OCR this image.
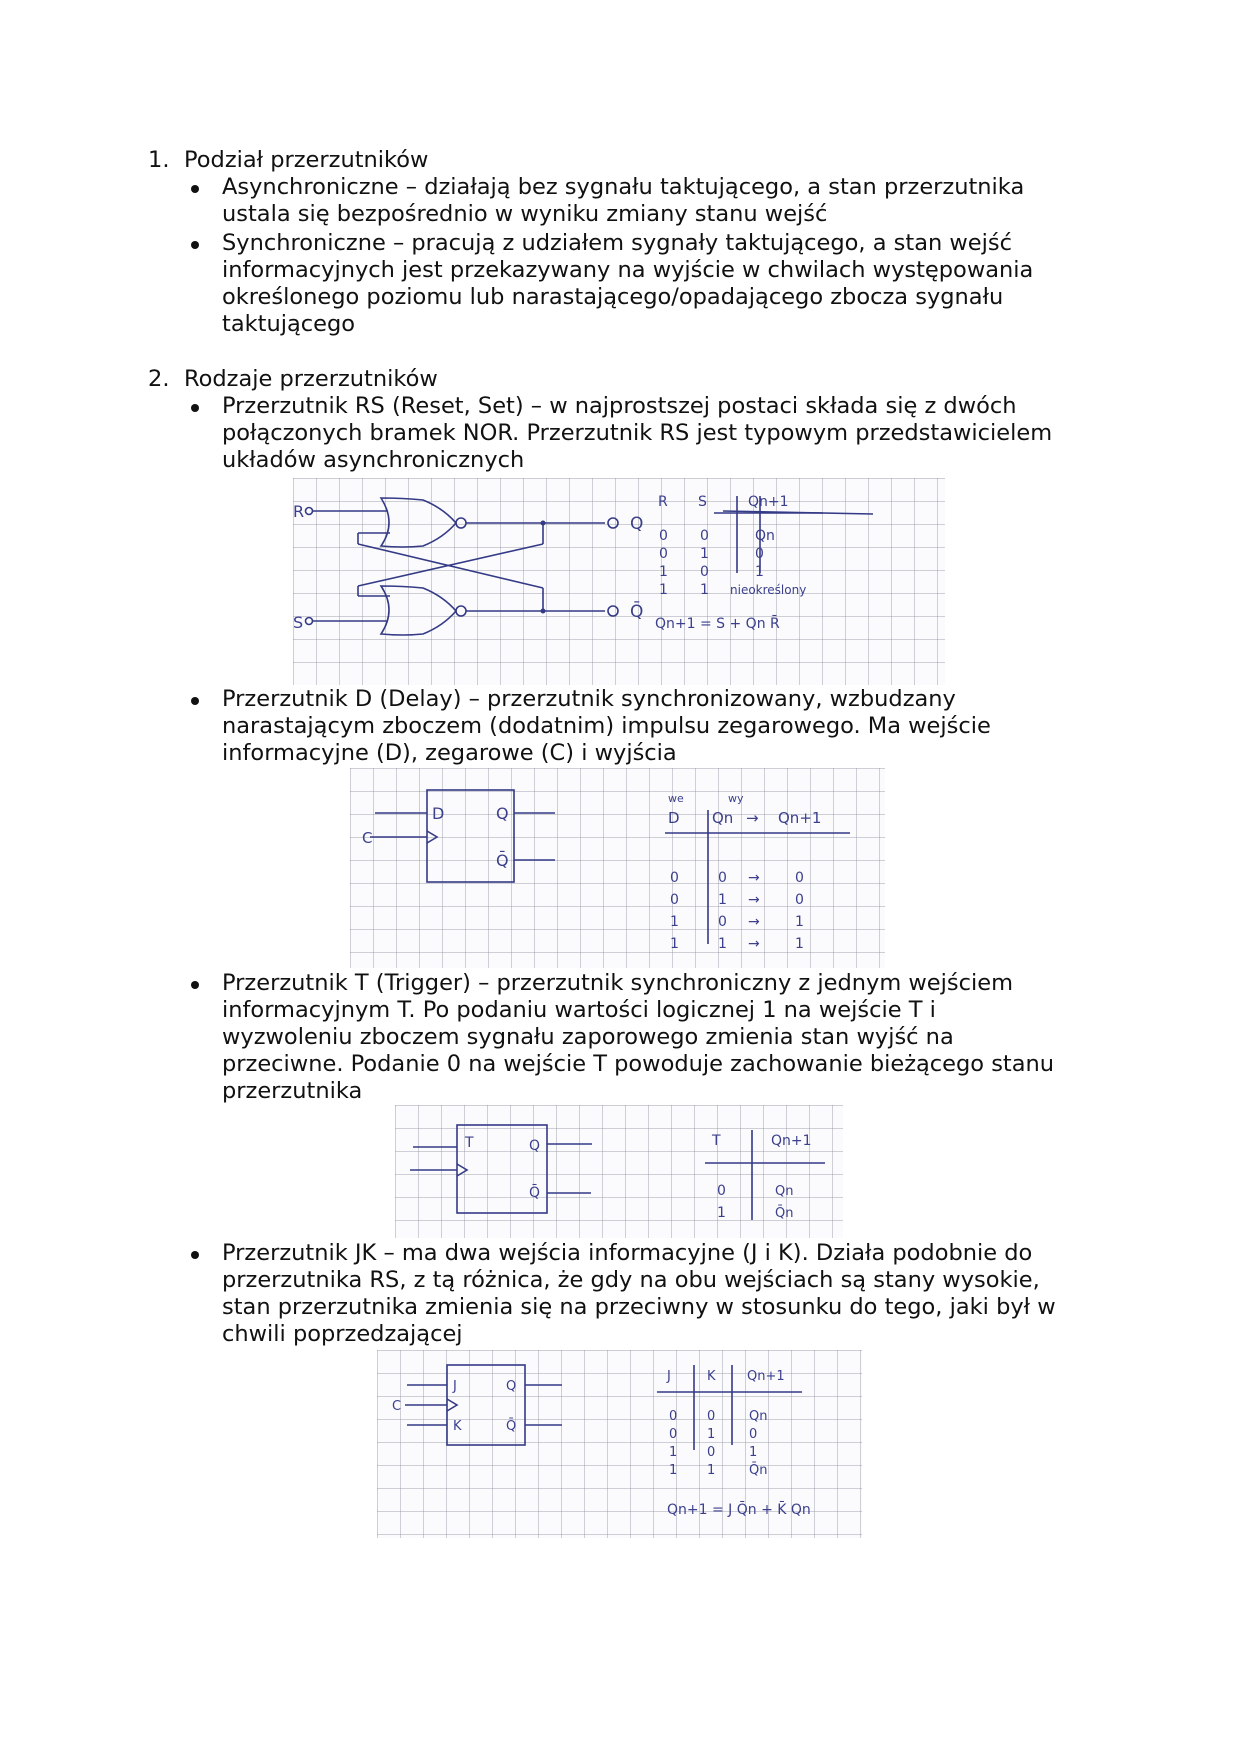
1. Podział przerzutników
Asynchroniczne – działają bez sygnału taktującego, a stan przerzutnika
ustala się bezpośrednio w wyniku zmiany stanu wejść
Synchroniczne – pracują z udziałem sygnały taktującego, a stan wejść
informacyjnych jest przekazywany na wyjście w chwilach występowania
określonego poziomu lub narastającego/opadającego zbocza sygnału
taktującego
2. Rodzaje przerzutników
Przerzutnik RS (Reset, Set) – w najprostszej postaci składa się z dwóch
połączonych bramek NOR. Przerzutnik RS jest typowym przedstawicielem
układów asynchronicznych
Przerzutnik D (Delay) – przerzutnik synchronizowany, wzbudzany
narastającym zboczem (dodatnim) impulsu zegarowego. Ma wejście
informacyjne (D), zegarowe (C) i wyjścia
Przerzutnik T (Trigger) – przerzutnik synchroniczny z jednym wejściem
informacyjnym T. Po podaniu wartości logicznej 1 na wejście T i
wyzwoleniu zboczem sygnału zaporowego zmienia stan wyjść na
przeciwne. Podanie 0 na wejście T powoduje zachowanie bieżącego stanu
przerzutnika
Przerzutnik JK – ma dwa wejścia informacyjne (J i K). Działa podobnie do
przerzutnika RS, z tą różnica, że gdy na obu wejściach są stany wysokie,
stan przerzutnika zmienia się na przeciwny w stosunku do tego, jaki był w
chwili poprzedzającej
R
S
Q
Q̄
R S	Qn+1
0 0	Qn
0 1	0
1 0	1
1 1 nieokreślony
Qn+1 = S + Qn R̄
D
C
Q
Q̄
we	wy
D Qn → Qn+1
0	0 →	0
0	1 →	0
1	0 →	1
1	1 →	1
T	Q
Q̄
T	Qn+1
0	Qn
1	Q̄n
J
C
K
Q
Q̄
J	K Qn+1
0 0	Qn
0 1	0
1 0	1
1 1	Q̄n
Qn+1 = J Q̄n + K̄ Qn
